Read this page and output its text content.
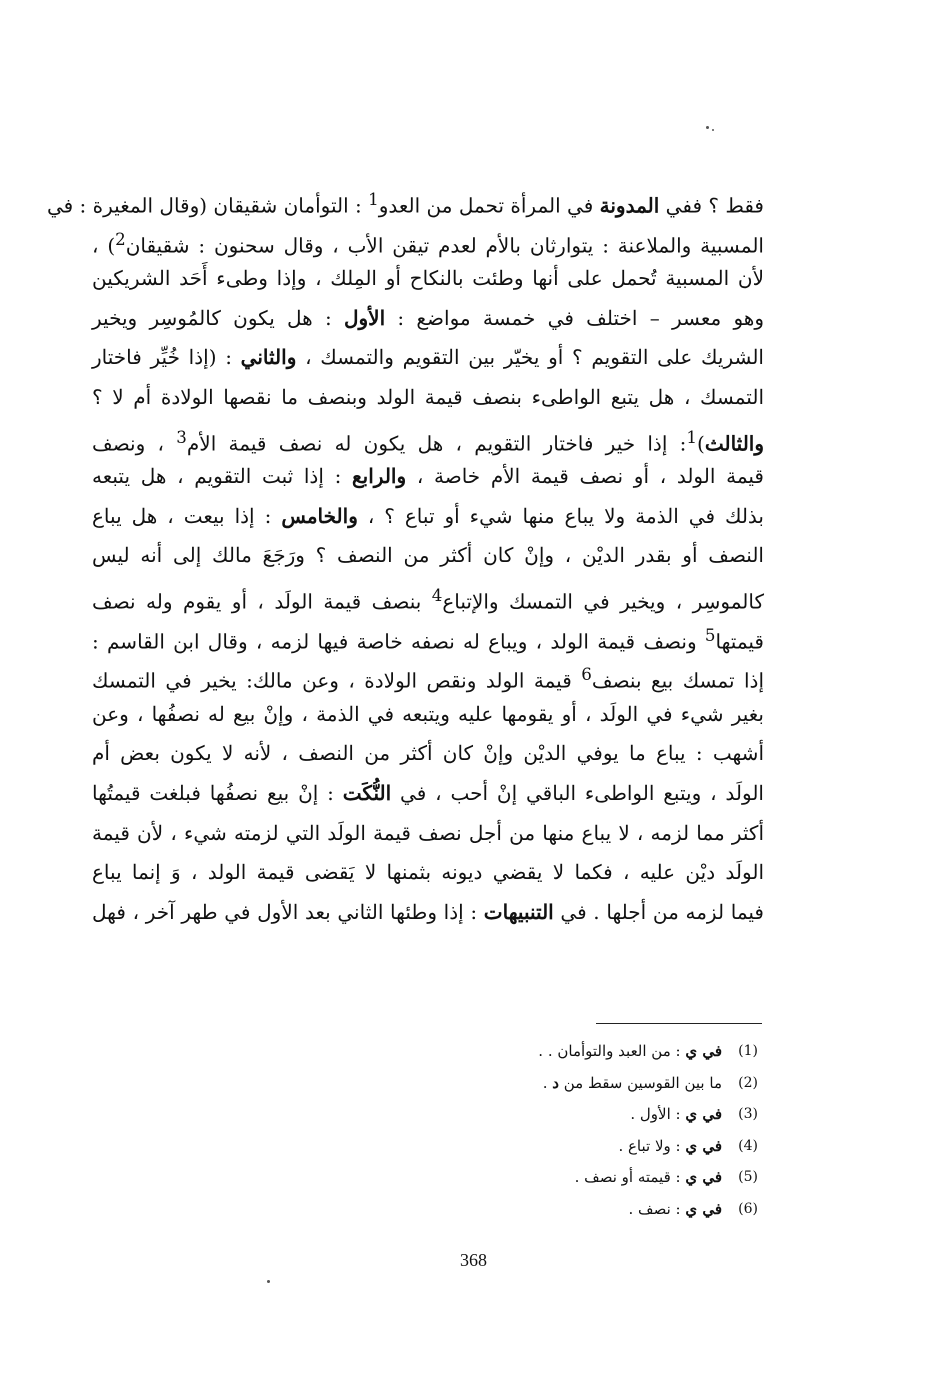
فقط ؟ ففي المدونة في المرأة تحمل من العدو$^1$ : التوأمان شقيقان (وقال المغيرة : في
المسبية والملاعنة : يتوارثان بالأم لعدم تيقن الأب ، وقال سحنون : شقيقان$^2$) ،
لأن المسبية تُحمل على أنها وطئت بالنكاح أو المِلك ، وإذا وطىء أَحَد الشريكين
وهو معسر – اختلف في خمسة مواضع : الأول : هل يكون كالمُوسِر ويخير
الشريك على التقويم ؟ أو يخيّر بين التقويم والتمسك ، والثاني : (إذا خُيِّر فاختار
التمسك ، هل يتبع الواطىء بنصف قيمة الولد وبنصف ما نقصها الولادة أم لا ؟
والثالث)$^1$: إذا خير فاختار التقويم ، هل يكون له نصف قيمة الأم$^3$ ، ونصف
قيمة الولد ، أو نصف قيمة الأم خاصة ، والرابع : إذا ثبت التقويم ، هل يتبعه
بذلك في الذمة ولا يباع منها شيء أو تباع ؟ ، والخامس : إذا بيعت ، هل يباع
النصف أو بقدر الديْن ، وإنْ كان أكثر من النصف ؟ ورَجَعَ مالك إلى أنه ليس
كالموسِر ، ويخير في التمسك والإتباع$^4$ بنصف قيمة الولَد ، أو يقوم وله نصف
قيمتها$^5$ ونصف قيمة الولد ، ويباع له نصفه خاصة فيها لزمه ، وقال ابن القاسم :
إذا تمسك بيع بنصف$^6$ قيمة الولد ونقص الولادة ، وعن مالك: يخير في التمسك
بغير شيء في الولَد ، أو يقومها عليه ويتبعه في الذمة ، وإنْ بيع له نصفُها ، وعن
أشهب : يباع ما يوفي الديْن وإنْ كان أكثر من النصف ، لأنه لا يكون بعض أم
الولَد ، ويتبع الواطىء الباقي إنْ أحب ، في النُّكَت : إنْ بيع نصفُها فبلغت قيمتُها
أكثر مما لزمه ، لا يباع منها من أجل نصف قيمة الولَد التي لزمته شيء ، لأن قيمة
الولَد ديْن عليه ، فكما لا يقضي ديونه بثمنها لا يَقضى قيمة الولد ، وَ إنما يباع
فيما لزمه من أجلها . في التنبيهات : إذا وطئها الثاني بعد الأول في طهر آخر ، فهل
(1)
في ي : من العبد والتوأمان . .
(2)
ما بين القوسين سقط من د .
(3)
في ي : الأول .
(4)
في ي : ولا تباع .
(5)
في ي : قيمته أو نصف .
(6)
في ي : نصف .
368
